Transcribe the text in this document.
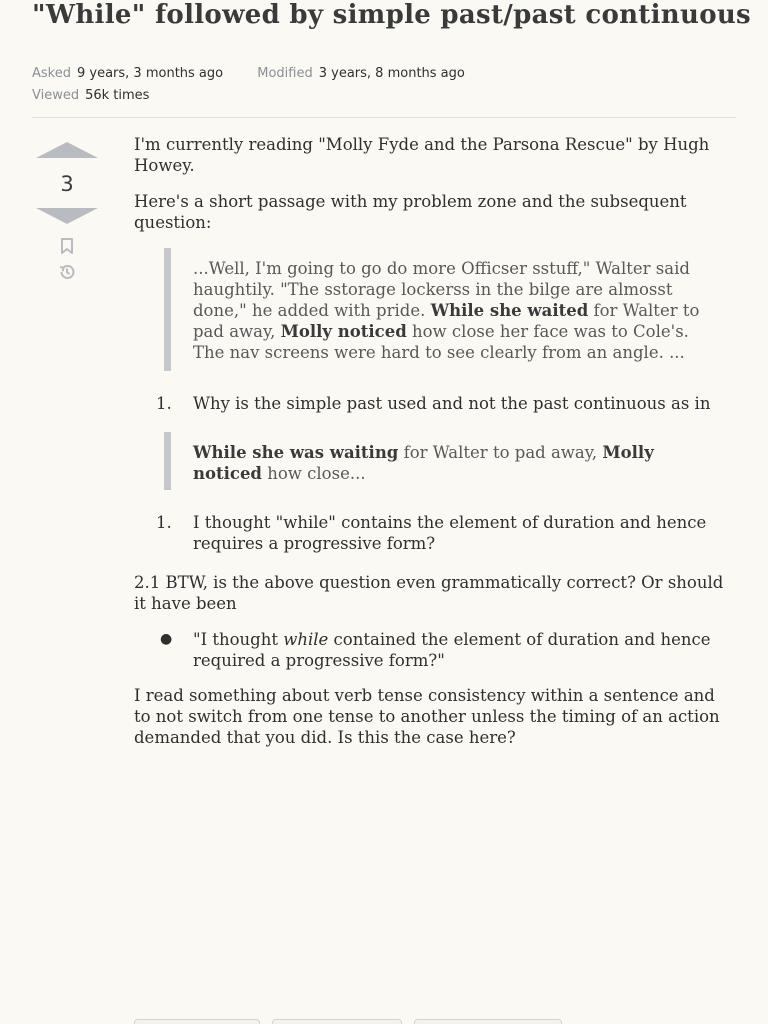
"While" followed by simple past/past continuous
Asked 9 years, 3 months ago	Modified 3 years, 8 months ago
Viewed 56k times
3

I'm currently reading "Molly Fyde and the Parsona Rescue" by Hugh Howey.

Here's a short passage with my problem zone and the subsequent question:

...Well, I'm going to go do more Officser sstuff," Walter said haughtily. "The sstorage lockerss in the bilge are almosst done," he added with pride. While she waited for Walter to pad away, Molly noticed how close her face was to Cole's. The nav screens were hard to see clearly from an angle. ...
1.	Why is the simple past used and not the past continuous as in
While she was waiting for Walter to pad away, Molly noticed how close...
1.	I thought "while" contains the element of duration and hence requires a progressive form?

2.1 BTW, is the above question even grammatically correct? Or should it have been

●	"I thought while contained the element of duration and hence required a progressive form?"

I read something about verb tense consistency within a sentence and to not switch from one tense to another unless the timing of an action demanded that you did. Is this the case here?
